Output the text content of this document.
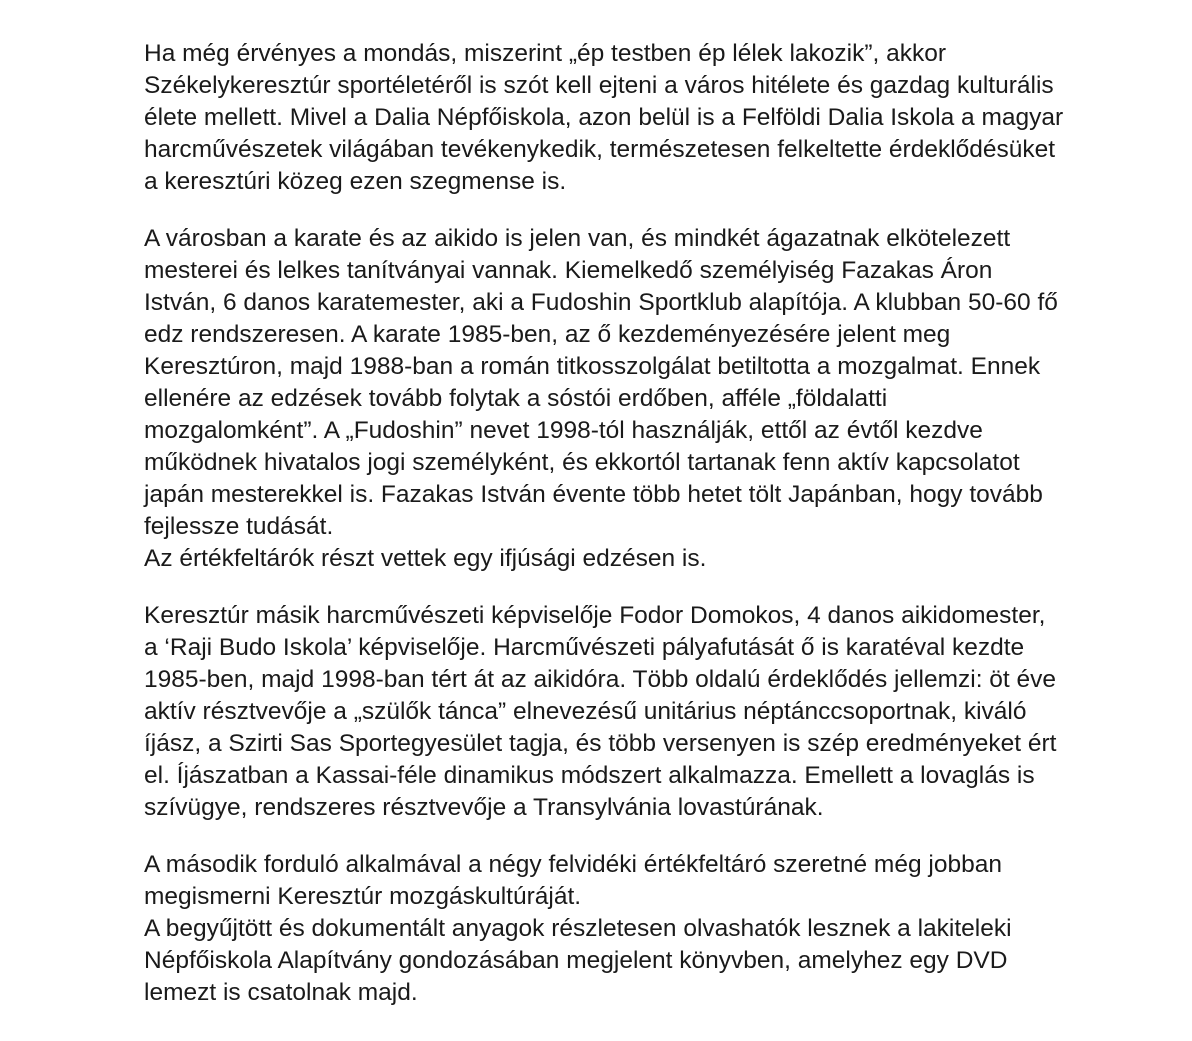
Ha még érvényes a mondás, miszerint „ép testben ép lélek lakozik”, akkor
Székelykeresztúr sportéletéről is szót kell ejteni a város hitélete és gazdag kulturális
élete mellett. Mivel a Dalia Népfőiskola, azon belül is a Felföldi Dalia Iskola a magyar
harcművészetek világában tevékenykedik, természetesen felkeltette érdeklődésüket
a keresztúri közeg ezen szegmense is.

A városban a karate és az aikido is jelen van, és mindkét ágazatnak elkötelezett
mesterei és lelkes tanítványai vannak. Kiemelkedő személyiség Fazakas Áron
István, 6 danos karatemester, aki a Fudoshin Sportklub alapítója. A klubban 50-60 fő
edz rendszeresen. A karate 1985-ben, az ő kezdeményezésére jelent meg
Keresztúron, majd 1988-ban a román titkosszolgálat betiltotta a mozgalmat. Ennek
ellenére az edzések tovább folytak a sóstói erdőben, afféle „földalatti
mozgalomként”. A „Fudoshin” nevet 1998-tól használják, ettől az évtől kezdve
működnek hivatalos jogi személyként, és ekkortól tartanak fenn aktív kapcsolatot
japán mesterekkel is. Fazakas István évente több hetet tölt Japánban, hogy tovább
fejlessze tudását.
Az értékfeltárók részt vettek egy ifjúsági edzésen is.

Keresztúr másik harcművészeti képviselője Fodor Domokos, 4 danos aikidomester,
a ‘Raji Budo Iskola’ képviselője. Harcművészeti pályafutását ő is karatéval kezdte
1985-ben, majd 1998-ban tért át az aikidóra. Több oldalú érdeklődés jellemzi: öt éve
aktív résztvevője a „szülők tánca” elnevezésű unitárius néptánccsoportnak, kiváló
íjász, a Szirti Sas Sportegyesület tagja, és több versenyen is szép eredményeket ért
el. Íjászatban a Kassai-féle dinamikus módszert alkalmazza. Emellett a lovaglás is
szívügye, rendszeres résztvevője a Transylvánia lovastúrának.

A második forduló alkalmával a négy felvidéki értékfeltáró szeretné még jobban
megismerni Keresztúr mozgáskultúráját.
A begyűjtött és dokumentált anyagok részletesen olvashatók lesznek a lakiteleki
Népfőiskola Alapítvány gondozásában megjelent könyvben, amelyhez egy DVD
lemezt is csatolnak majd.
